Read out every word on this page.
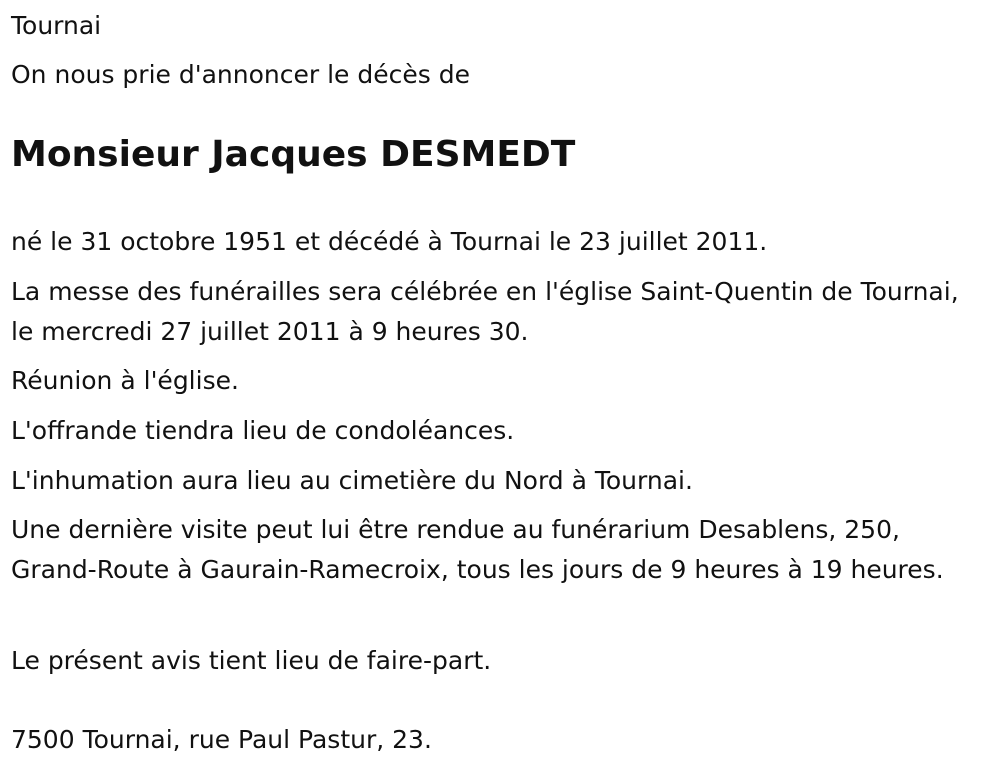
Tournai

On nous prie d'annoncer le décès de

Monsieur Jacques DESMEDT

né le 31 octobre 1951 et décédé à Tournai le 23 juillet 2011.

La messe des funérailles sera célébrée en l'église Saint-Quentin de Tournai, le mercredi 27 juillet 2011 à 9 heures 30.

Réunion à l'église.

L'offrande tiendra lieu de condoléances.

L'inhumation aura lieu au cimetière du Nord à Tournai.

Une dernière visite peut lui être rendue au funérarium Desablens, 250, Grand-Route à Gaurain-Ramecroix, tous les jours de 9 heures à 19 heures.

Le présent avis tient lieu de faire-part.

7500 Tournai, rue Paul Pastur, 23.
